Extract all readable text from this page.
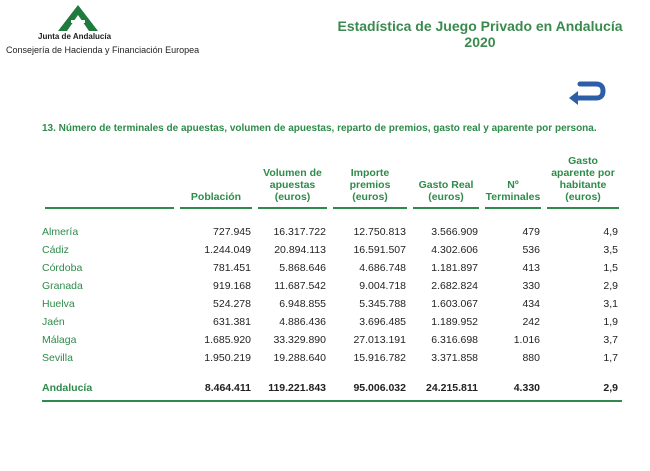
Junta de Andalucía
Consejería de Hacienda y Financiación Europea
Estadística de Juego Privado en Andalucía
2020
13. Número de terminales de apuestas, volumen de apuestas, reparto de premios, gasto real y aparente por persona.
	Población	Volumen de apuestas (euros)	Importe premios (euros)	Gasto Real (euros)	Nº Terminales	Gasto aparente por habitante (euros)

Almería	727.945	16.317.722	12.750.813	3.566.909	479	4,9
Cádiz	1.244.049	20.894.113	16.591.507	4.302.606	536	3,5
Córdoba	781.451	5.868.646	4.686.748	1.181.897	413	1,5
Granada	919.168	11.687.542	9.004.718	2.682.824	330	2,9
Huelva	524.278	6.948.855	5.345.788	1.603.067	434	3,1
Jaén	631.381	4.886.436	3.696.485	1.189.952	242	1,9
Málaga	1.685.920	33.329.890	27.013.191	6.316.698	1.016	3,7
Sevilla	1.950.219	19.288.640	15.916.782	3.371.858	880	1,7

Andalucía	8.464.411	119.221.843	95.006.032	24.215.811	4.330	2,9
